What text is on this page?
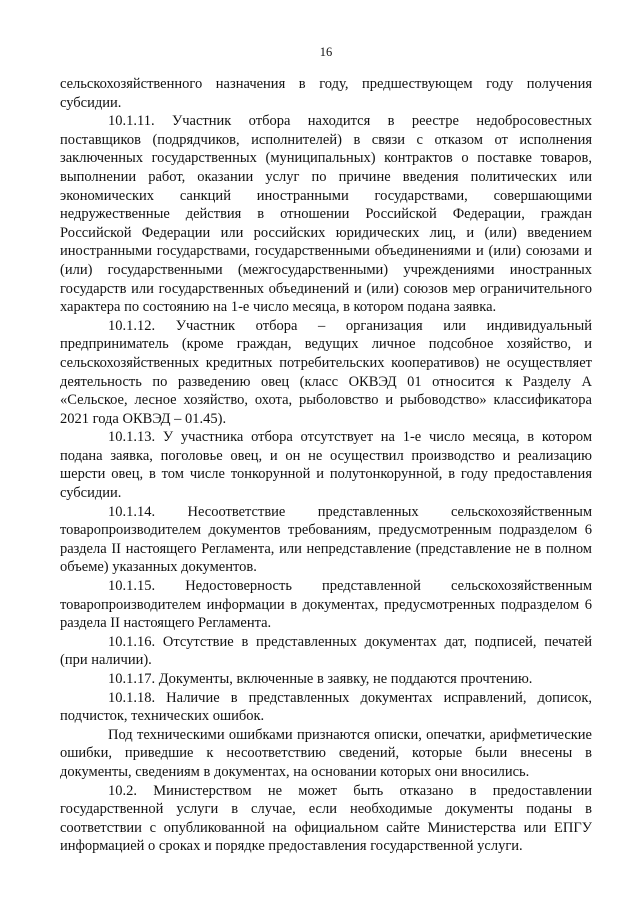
16

сельскохозяйственного назначения в году, предшествующем году получения субсидии.

10.1.11. Участник отбора находится в реестре недобросовестных поставщиков (подрядчиков, исполнителей) в связи с отказом от исполнения заключенных государственных (муниципальных) контрактов о поставке товаров, выполнении работ, оказании услуг по причине введения политических или экономических санкций иностранными государствами, совершающими недружественные действия в отношении Российской Федерации, граждан Российской Федерации или российских юридических лиц, и (или) введением иностранными государствами, государственными объединениями и (или) союзами и (или) государственными (межгосударственными) учреждениями иностранных государств или государственных объединений и (или) союзов мер ограничительного характера по состоянию на 1-е число месяца, в котором подана заявка.

10.1.12. Участник отбора – организация или индивидуальный предприниматель (кроме граждан, ведущих личное подсобное хозяйство, и сельскохозяйственных кредитных потребительских кооперативов) не осуществляет деятельность по разведению овец (класс ОКВЭД 01 относится к Разделу А «Сельское, лесное хозяйство, охота, рыболовство и рыбоводство» классификатора 2021 года ОКВЭД – 01.45).

10.1.13. У участника отбора отсутствует на 1-е число месяца, в котором подана заявка, поголовье овец, и он не осуществил производство и реализацию шерсти овец, в том числе тонкорунной и полутонкорунной, в году предоставления субсидии.

10.1.14. Несоответствие представленных сельскохозяйственным товаропроизводителем документов требованиям, предусмотренным подразделом 6 раздела II настоящего Регламента, или непредставление (представление не в полном объеме) указанных документов.

10.1.15. Недостоверность представленной сельскохозяйственным товаропроизводителем информации в документах, предусмотренных подразделом 6 раздела II настоящего Регламента.

10.1.16. Отсутствие в представленных документах дат, подписей, печатей (при наличии).

10.1.17. Документы, включенные в заявку, не поддаются прочтению.

10.1.18. Наличие в представленных документах исправлений, дописок, подчисток, технических ошибок.

Под техническими ошибками признаются описки, опечатки, арифметические ошибки, приведшие к несоответствию сведений, которые были внесены в документы, сведениям в документах, на основании которых они вносились.

10.2. Министерством не может быть отказано в предоставлении государственной услуги в случае, если необходимые документы поданы в соответствии с опубликованной на официальном сайте Министерства или ЕПГУ информацией о сроках и порядке предоставления государственной услуги.
